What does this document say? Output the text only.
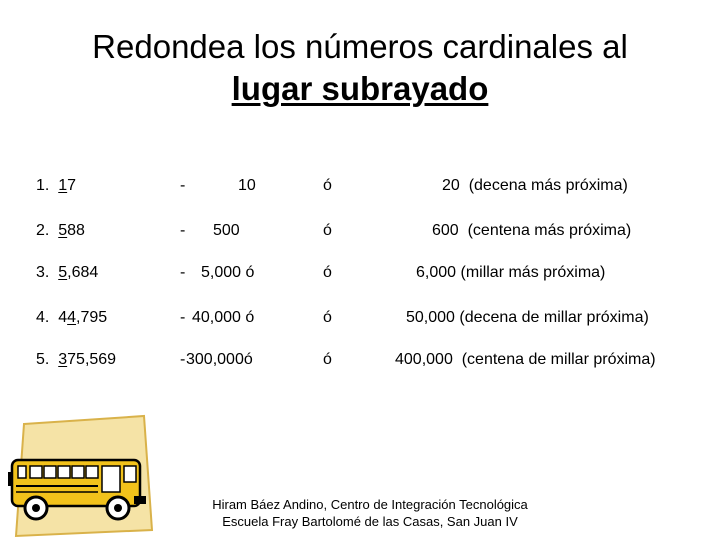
Redondea los números cardinales al
lugar subrayado
1. 17	-	10	ó	20  (decena más próxima)
2. 588	- 500	ó	600  (centena más próxima)
3. 5,684	- 5,000 ó	ó	6,000 (millar más próxima)
4. 44,795	- 40,000 ó	ó	50,000 (decena de millar próxima)
5. 375,569	- 300,000ó	ó	400,000  (centena de millar próxima)
Hiram Báez Andino, Centro de Integración Tecnológica
Escuela Fray Bartolomé de las Casas, San Juan IV
